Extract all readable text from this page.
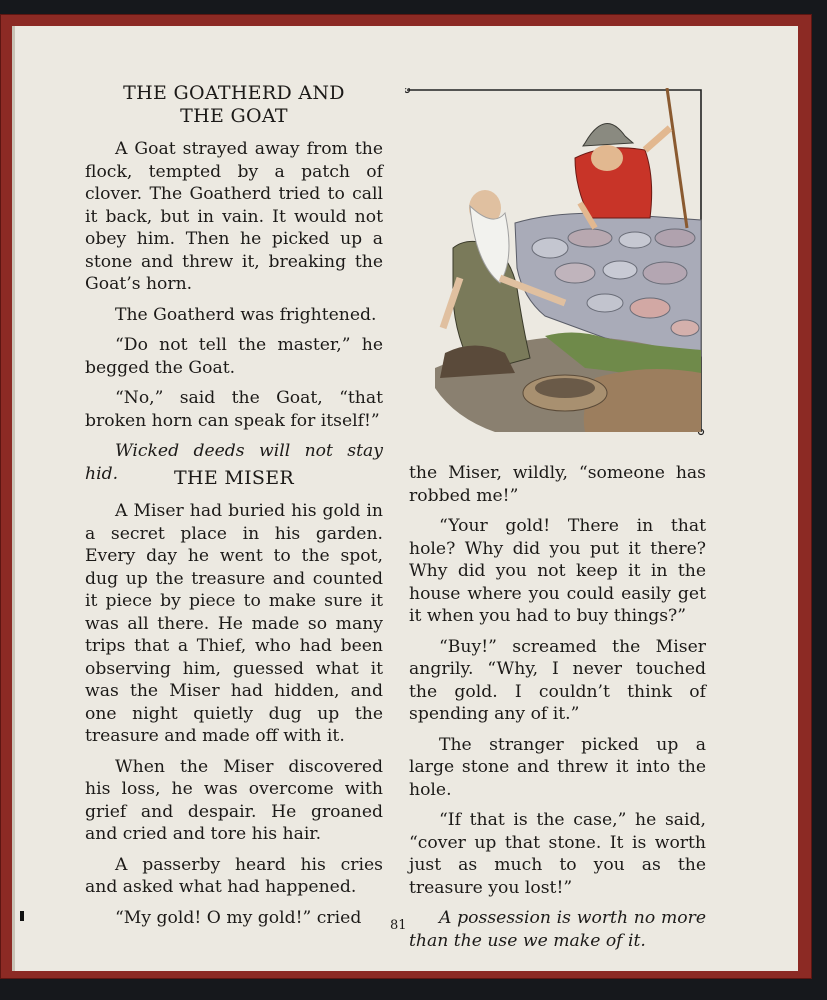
THE GOATHERD AND
THE GOAT

A Goat strayed away from the flock, tempted by a patch of clover. The Goatherd tried to call it back, but in vain. It would not obey him. Then he picked up a stone and threw it, breaking the Goat’s horn.

The Goatherd was frightened.

“Do not tell the master,” he begged the Goat.

“No,” said the Goat, “that broken horn can speak for itself!”

Wicked deeds will not stay hid.	THE MISER

A Miser had buried his gold in a secret place in his garden. Every day he went to the spot, dug up the treasure and counted it piece by piece to make sure it was all there. He made so many trips that a Thief, who had been observing him, guessed what it was the Miser had hidden, and one night quietly dug up the treasure and made off with it.

When the Miser discovered his loss, he was overcome with grief and despair. He groaned and cried and tore his hair.

A passerby heard his cries and asked what had happened.

“My gold! O my gold!” cried

the Miser, wildly, “someone has robbed me!”

“Your gold! There in that hole? Why did you put it there? Why did you not keep it in the house where you could easily get it when you had to buy things?”

“Buy!” screamed the Miser angrily. “Why, I never touched the gold. I couldn’t think of spending any of it.”

The stranger picked up a large stone and threw it into the hole.

“If that is the case,” he said, “cover up that stone. It is worth just as much to you as the treasure you lost!”

A possession is worth no more than the use we make of it.

81
